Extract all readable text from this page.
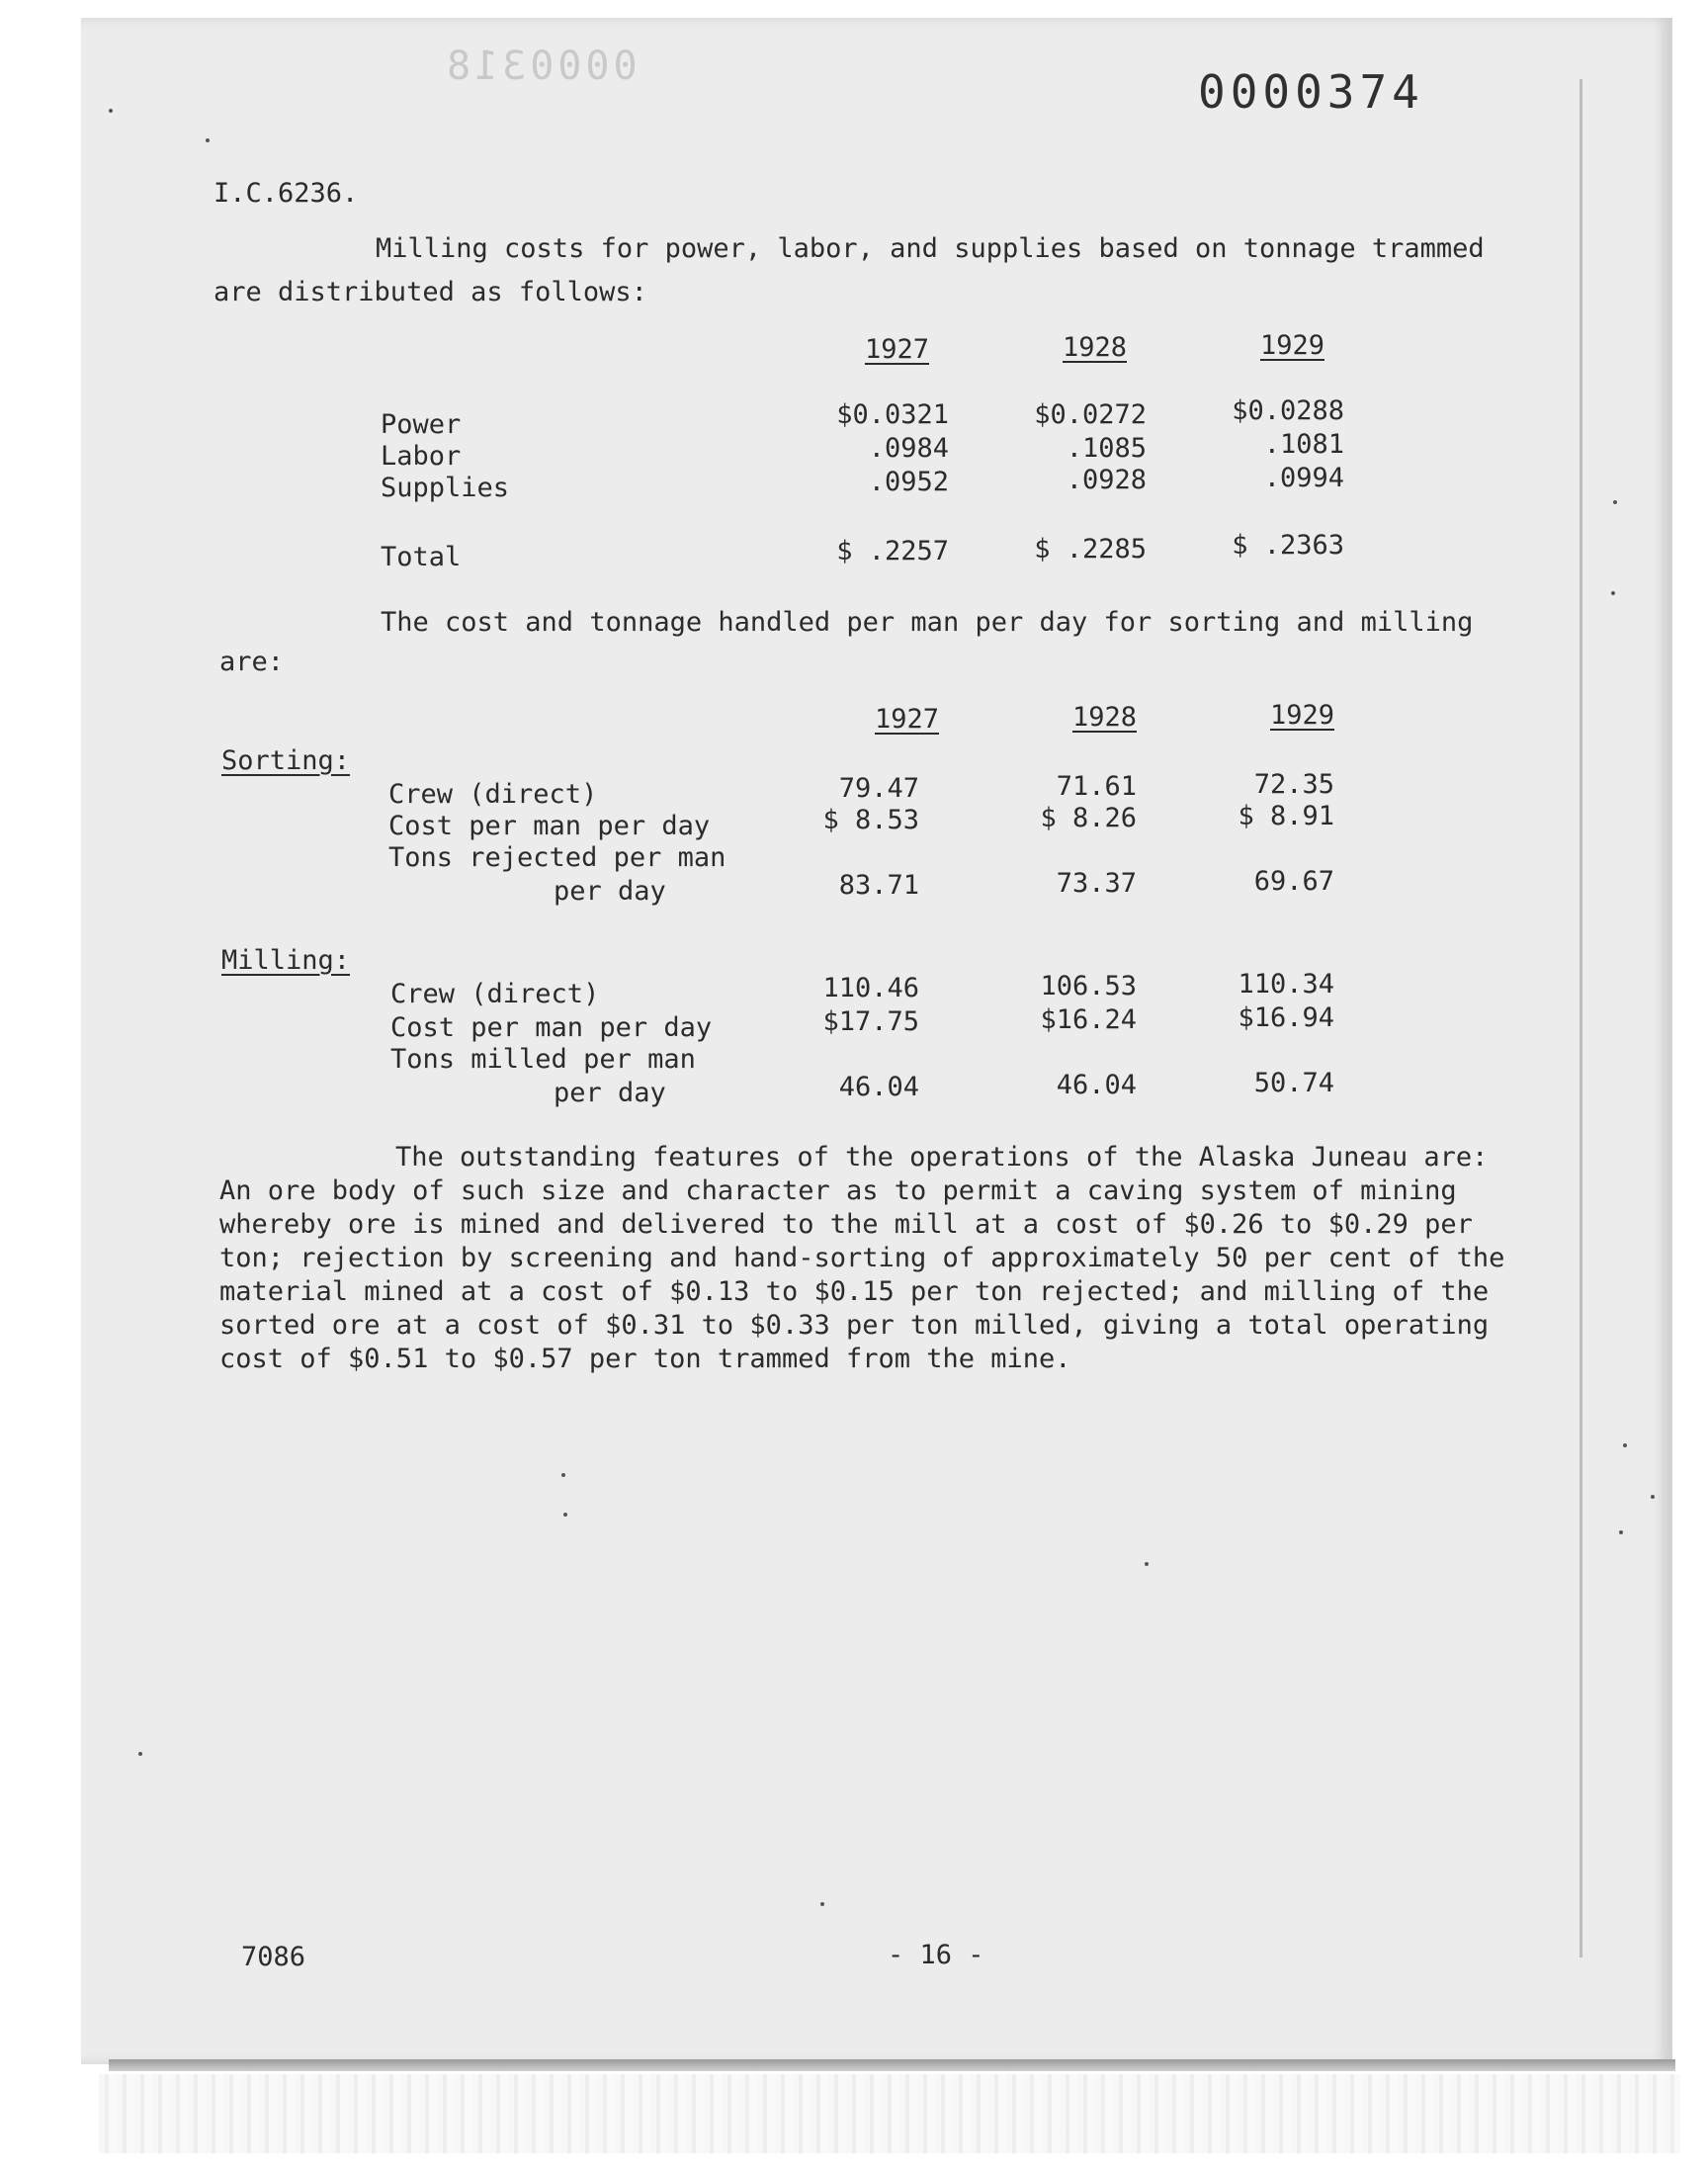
0000318	0000374
I.C.6236.
Milling costs for power, labor, and supplies based on tonnage trammed
are distributed as follows:
1927	1928	1929
Power	$0.0321	$0.0272	$0.0288
Labor	.0984	.1085	.1081
Supplies	.0952	.0928	.0994
Total	$ .2257	$ .2285	$ .2363
The cost and tonnage handled per man per day for sorting and milling
are:
1927	1928	1929
Sorting:
Crew (direct)	79.47	71.61	72.35
Cost per man per day	$ 8.53	$ 8.26	$ 8.91
Tons rejected per man
per day	83.71	73.37	69.67
Milling:
Crew (direct)	110.46	106.53	110.34
Cost per man per day	$17.75	$16.24	$16.94
Tons milled per man
per day	46.04	46.04	50.74
The outstanding features of the operations of the Alaska Juneau are: An ore body of such size and character as to permit a caving system of mining whereby ore is mined and delivered to the mill at a cost of $0.26 to $0.29 per ton; rejection by screening and hand-sorting of approximately 50 per cent of the material mined at a cost of $0.13 to $0.15 per ton rejected; and milling of the sorted ore at a cost of $0.31 to $0.33 per ton milled, giving a total operating cost of $0.51 to $0.57 per ton trammed from the mine.
7086	- 16 -
